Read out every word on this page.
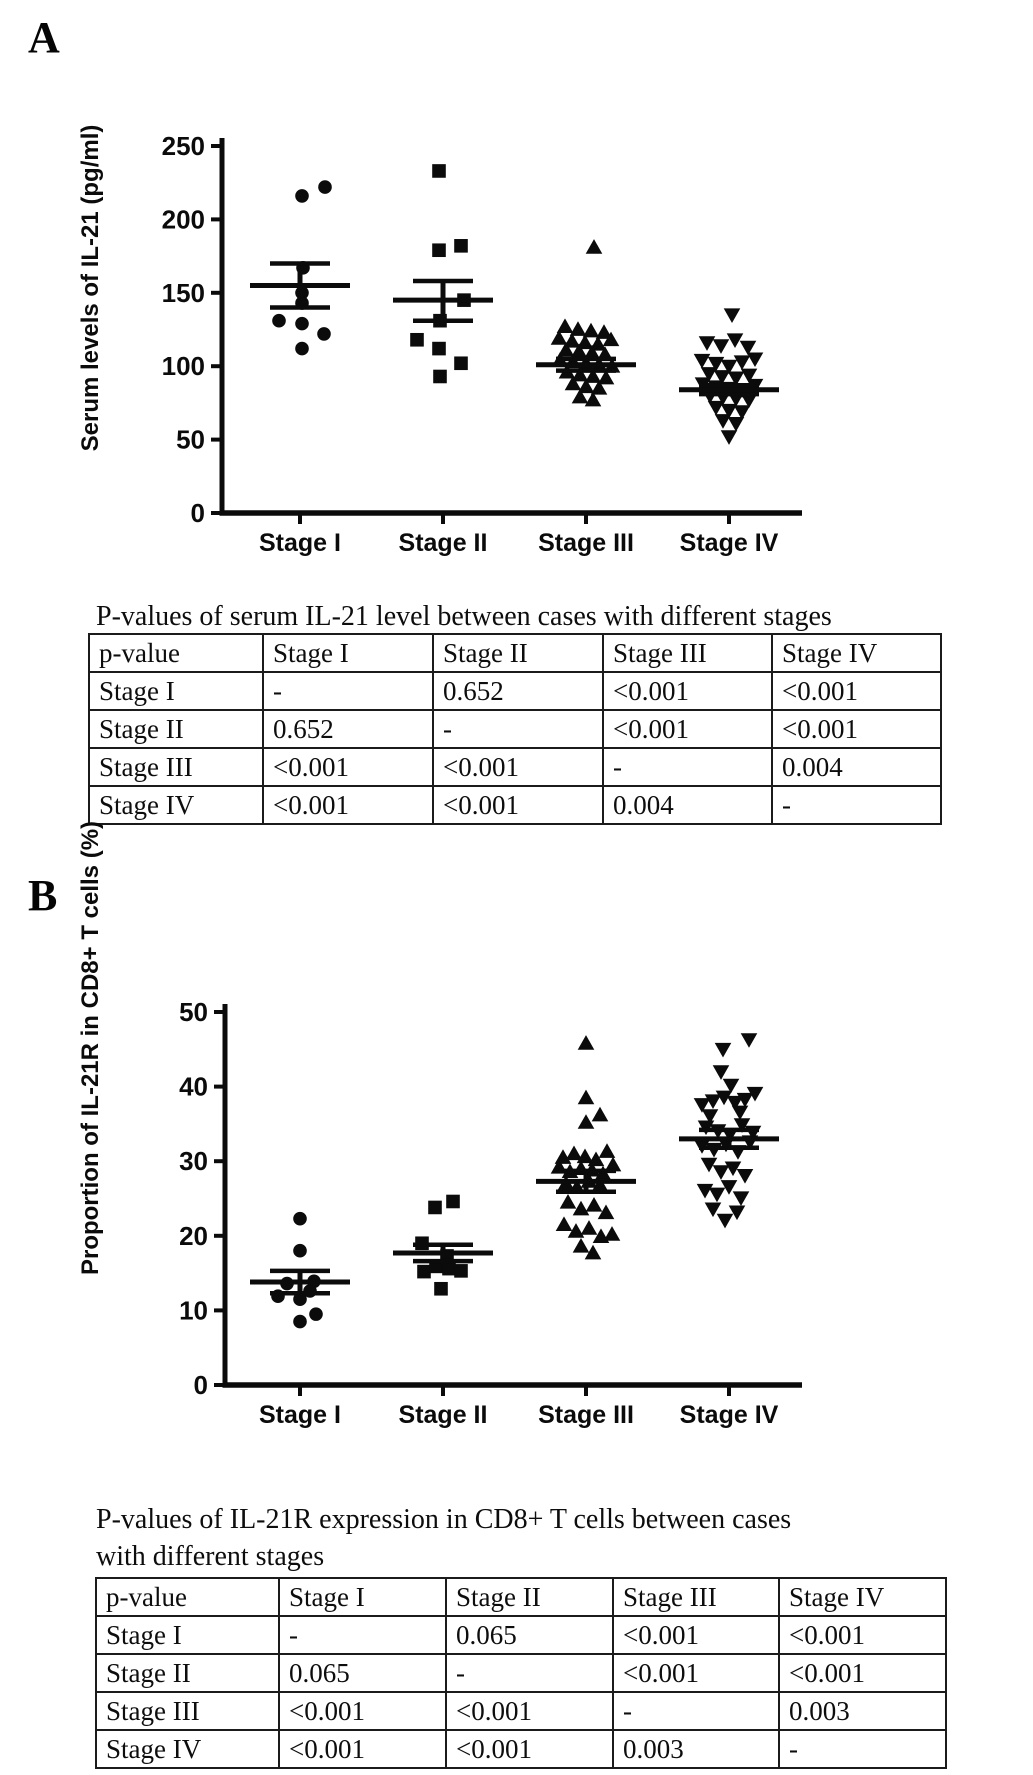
A
0
50
100
150
200
250
Stage I Stage II Stage III Stage IV
Serum levels of IL-21 (pg/ml)
P-values of serum IL-21 level between cases with different stages
p-value	Stage I	Stage II	Stage III	Stage IV
Stage I	-	0.652	<0.001	<0.001
Stage II	0.652	-	<0.001	<0.001
Stage III	<0.001	<0.001	-	0.004
Stage IV	<0.001	<0.001	0.004	-
B
0
10
20
30
40
50
Stage I Stage II Stage III Stage IV
Proportion of IL-21R in CD8+ T cells (%)
P-values of IL-21R expression in CD8+ T cells between cases
with different stages
p-value	Stage I	Stage II	Stage III	Stage IV
Stage I	-	0.065	<0.001	<0.001
Stage II	0.065	-	<0.001	<0.001
Stage III	<0.001	<0.001	-	0.003
Stage IV	<0.001	<0.001	0.003	-
